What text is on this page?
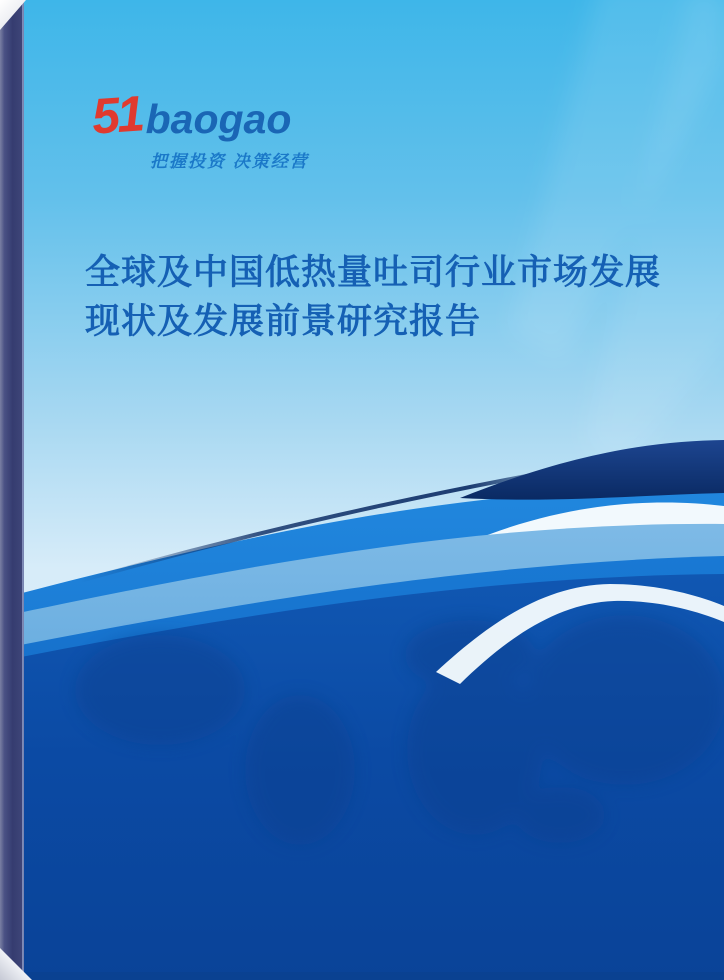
51 baogao
把握投资 决策经营
全球及中国低热量吐司行业市场发展
现状及发展前景研究报告
